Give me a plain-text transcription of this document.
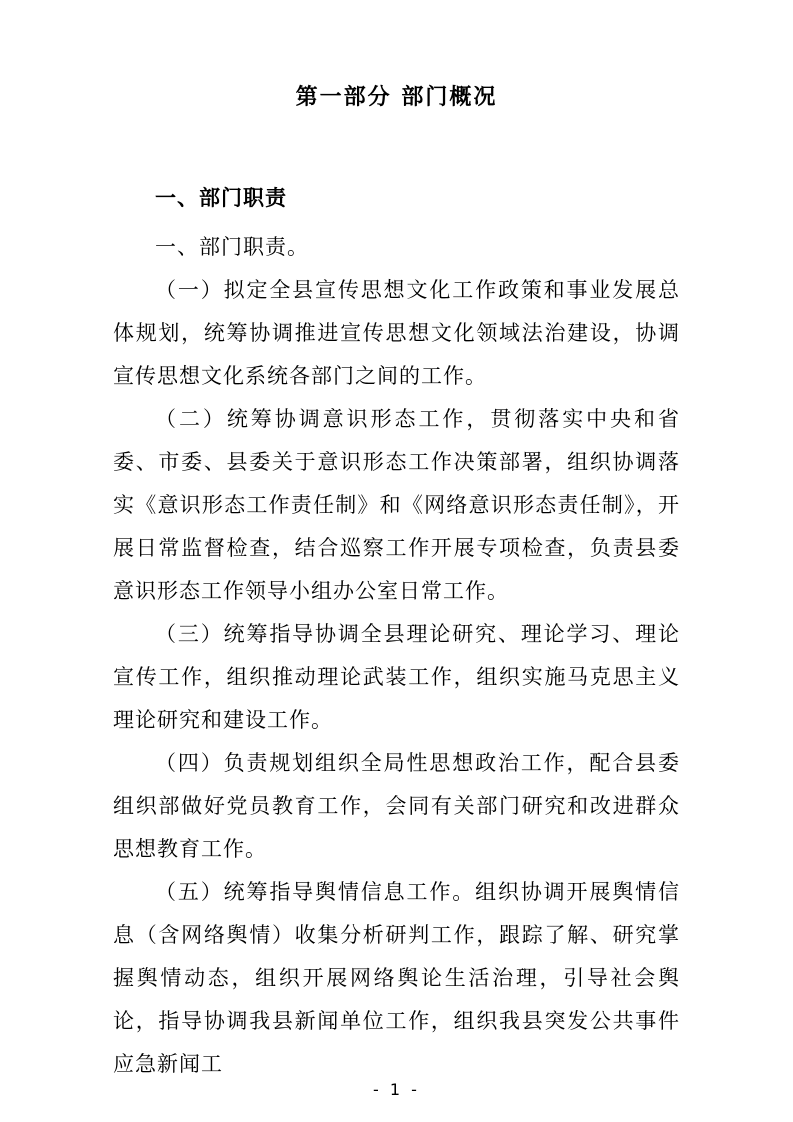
第一部分 部门概况
一、部门职责

一、部门职责。

（一）拟定全县宣传思想文化工作政策和事业发展总体规划，统筹协调推进宣传思想文化领域法治建设，协调宣传思想文化系统各部门之间的工作。

（二）统筹协调意识形态工作，贯彻落实中央和省委、市委、县委关于意识形态工作决策部署，组织协调落实《意识形态工作责任制》和《网络意识形态责任制》，开展日常监督检查，结合巡察工作开展专项检查，负责县委意识形态工作领导小组办公室日常工作。

（三）统筹指导协调全县理论研究、理论学习、理论宣传工作，组织推动理论武装工作，组织实施马克思主义理论研究和建设工作。

（四）负责规划组织全局性思想政治工作，配合县委组织部做好党员教育工作，会同有关部门研究和改进群众思想教育工作。

（五）统筹指导舆情信息工作。组织协调开展舆情信息（含网络舆情）收集分析研判工作，跟踪了解、研究掌握舆情动态，组织开展网络舆论生活治理，引导社会舆论，指导协调我县新闻单位工作，组织我县突发公共事件应急新闻工

- 1 -
